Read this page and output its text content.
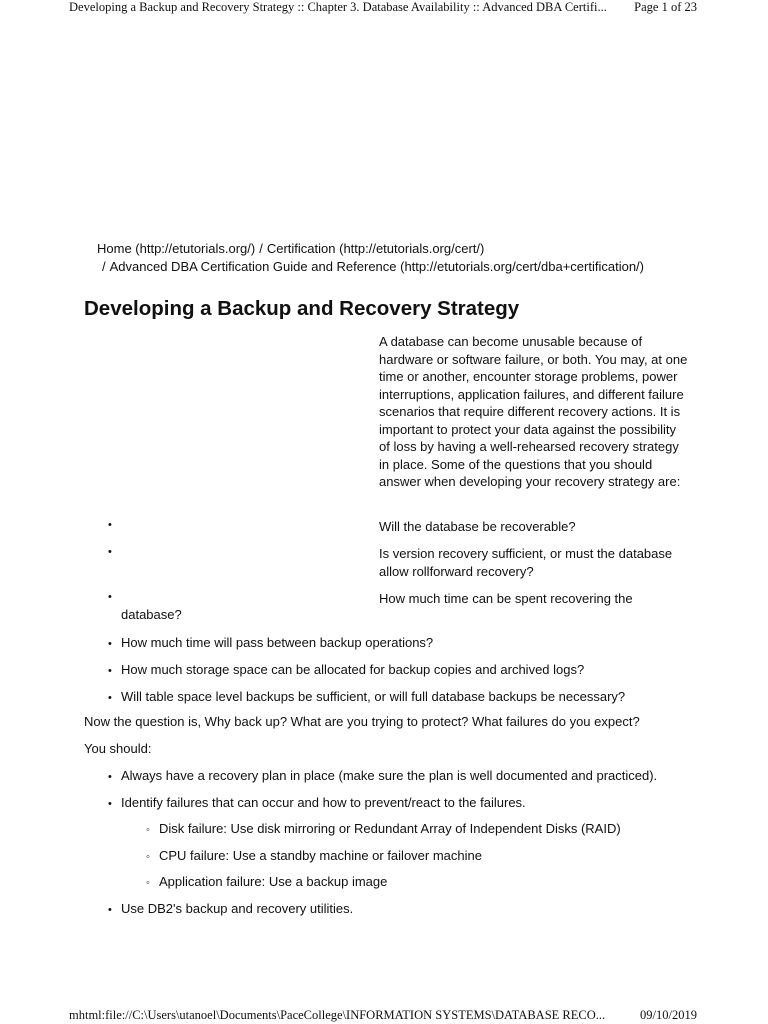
Developing a Backup and Recovery Strategy :: Chapter 3. Database Availability :: Advanced DBA Certifi... Page 1 of 23
Home (http://etutorials.org/) / Certification (http://etutorials.org/cert/)
/ Advanced DBA Certification Guide and Reference (http://etutorials.org/cert/dba+certification/)
Developing a Backup and Recovery Strategy

A database can become unusable because of hardware or software failure, or both. You may, at one time or another, encounter storage problems, power interruptions, application failures, and different failure scenarios that require different recovery actions. It is important to protect your data against the possibility of loss by having a well-rehearsed recovery strategy in place. Some of the questions that you should answer when developing your recovery strategy are:

•	Will the database be recoverable?
•	Is version recovery sufficient, or must the database allow rollforward recovery?
•	How much time can be spent recovering the
database?
• How much time will pass between backup operations?
• How much storage space can be allocated for backup copies and archived logs?
• Will table space level backups be sufficient, or will full database backups be necessary?
Now the question is, Why back up? What are you trying to protect? What failures do you expect?
You should:
• Always have a recovery plan in place (make sure the plan is well documented and practiced).
• Identify failures that can occur and how to prevent/react to the failures.
◦ Disk failure: Use disk mirroring or Redundant Array of Independent Disks (RAID)
◦ CPU failure: Use a standby machine or failover machine
◦ Application failure: Use a backup image
• Use DB2's backup and recovery utilities.
mhtml:file://C:\Users\utanoel\Documents\PaceCollege\INFORMATION SYSTEMS\DATABASE RECO...	09/10/2019
